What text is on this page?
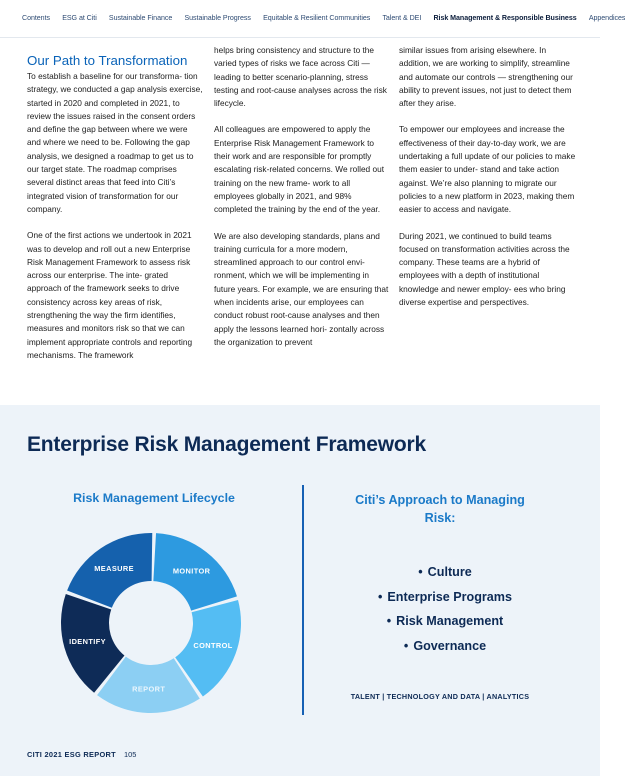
Contents ESG at Citi Sustainable Finance Sustainable Progress Equitable & Resilient Communities Talent & DEI Risk Management & Responsible Business Appendices
Our Path to Transformation

To establish a baseline for our transforma- tion strategy, we conducted a gap analysis exercise, started in 2020 and completed in 2021, to review the issues raised in the consent orders and define the gap between where we were and where we need to be. Following the gap analysis, we designed a roadmap to get us to our target state. The roadmap comprises several distinct areas that feed into Citi’s integrated vision of transformation for our company.

One of the first actions we undertook in 2021 was to develop and roll out a new Enterprise Risk Management Framework to assess risk across our enterprise. The inte- grated approach of the framework seeks to drive consistency across key areas of risk, strengthening the way the firm identifies, measures and monitors risk so that we can implement appropriate controls and reporting mechanisms. The framework

helps bring consistency and structure to the varied types of risks we face across Citi — leading to better scenario-planning, stress testing and root-cause analyses across the risk lifecycle.

All colleagues are empowered to apply the Enterprise Risk Management Framework to their work and are responsible for promptly escalating risk-related concerns. We rolled out training on the new frame- work to all employees globally in 2021, and 98% completed the training by the end of the year.

We are also developing standards, plans and training curricula for a more modern, streamlined approach to our control envi- ronment, which we will be implementing in future years. For example, we are ensuring that when incidents arise, our employees can conduct robust root-cause analyses and then apply the lessons learned hori- zontally across the organization to prevent

similar issues from arising elsewhere. In addition, we are working to simplify, streamline and automate our controls — strengthening our ability to prevent issues, not just to detect them after they arise.

To empower our employees and increase the effectiveness of their day-to-day work, we are undertaking a full update of our policies to make them easier to under- stand and take action against. We’re also planning to migrate our policies to a new platform in 2023, making them easier to access and navigate.

During 2021, we continued to build teams focused on transformation activities across the company. These teams are a hybrid of employees with a depth of institutional knowledge and newer employ- ees who bring diverse expertise and perspectives.

Enterprise Risk Management Framework
Risk Management Lifecycle
IDENTIFY
MEASURE	MONITOR
CONTROL
REPORT
Citi’s Approach to Managing Risk:
• Culture
• Enterprise Programs
• Risk Management
• Governance
TALENT | TECHNOLOGY AND DATA | ANALYTICS
CITI 2021 ESG REPORT 105
